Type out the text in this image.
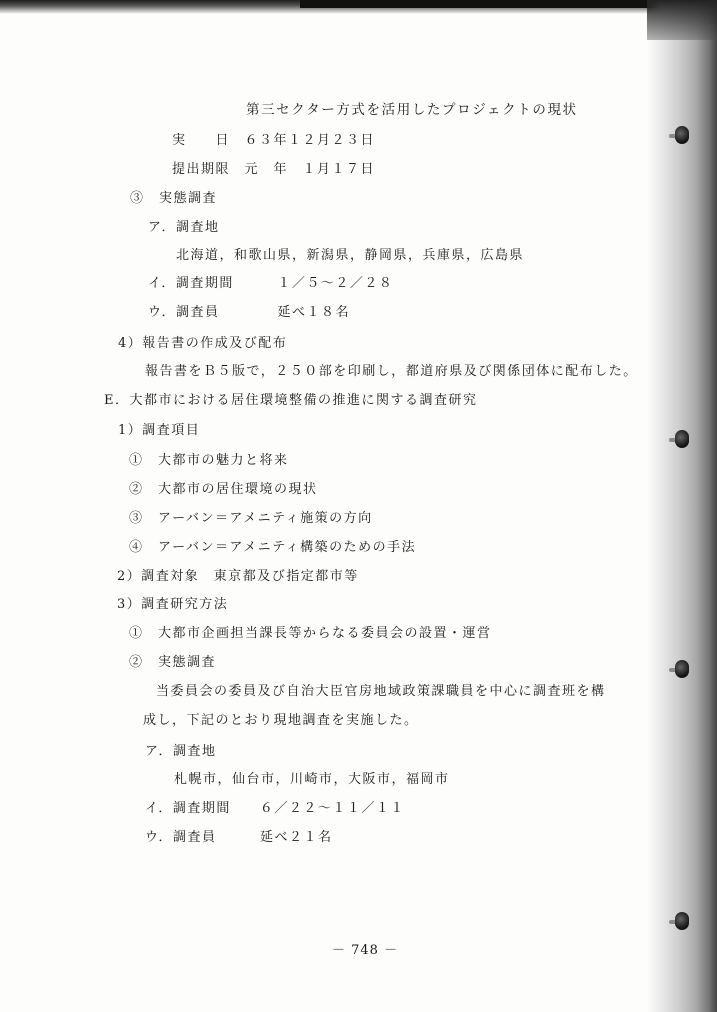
第三セクター方式を活用したプロジェクトの現状
実　　日　６３年１２月２３日
提出期限　元　年　１月１７日
③　実態調査
ア．調査地
北海道，和歌山県，新潟県，静岡県，兵庫県，広島県
イ．調査期間　　　１／５～２／２８
ウ．調査員　　　　延べ１８名
4）報告書の作成及び配布
報告書をＢ５版で，２５０部を印刷し，都道府県及び関係団体に配布した。
E．大都市における居住環境整備の推進に関する調査研究
1）調査項目
①　大都市の魅力と将来
②　大都市の居住環境の現状
③　アーバン＝アメニティ施策の方向
④　アーバン＝アメニティ構築のための手法
2）調査対象　東京都及び指定都市等
3）調査研究方法
①　大都市企画担当課長等からなる委員会の設置・運営
②　実態調査
当委員会の委員及び自治大臣官房地域政策課職員を中心に調査班を構
成し，下記のとおり現地調査を実施した。
ア．調査地
札幌市，仙台市，川崎市，大阪市，福岡市
イ．調査期間　　６／２２～１１／１１
ウ．調査員　　　延べ２１名
－ 748 －
